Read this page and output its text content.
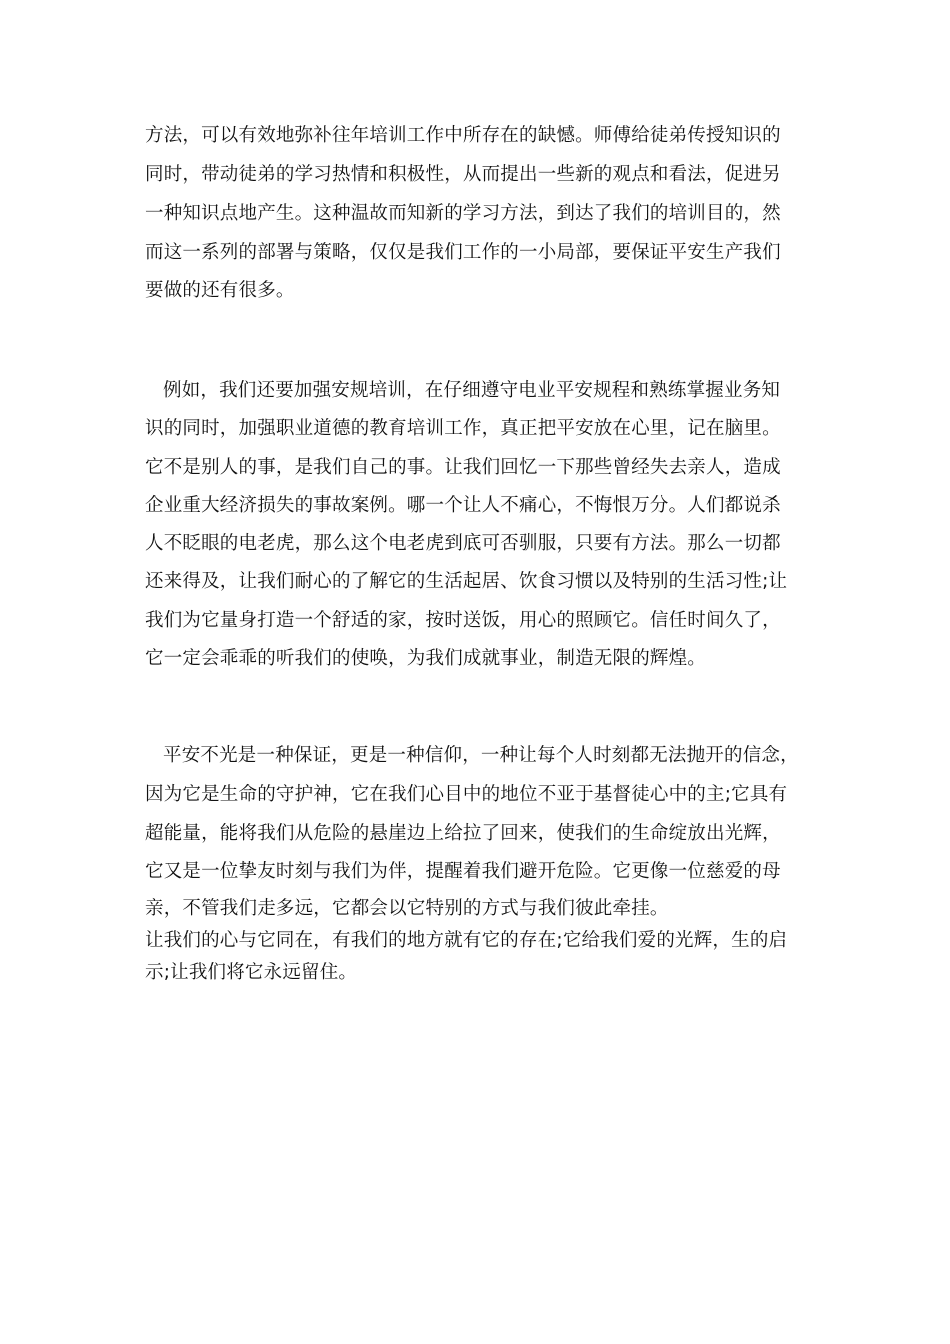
方法，可以有效地弥补往年培训工作中所存在的缺憾。师傅给徒弟传授知识的

同时，带动徒弟的学习热情和积极性，从而提出一些新的观点和看法，促进另

一种知识点地产生。这种温故而知新的学习方法，到达了我们的培训目的，然

而这一系列的部署与策略，仅仅是我们工作的一小局部，要保证平安生产我们

要做的还有很多。

例如，我们还要加强安规培训，在仔细遵守电业平安规程和熟练掌握业务知

识的同时，加强职业道德的教育培训工作，真正把平安放在心里，记在脑里。

它不是别人的事，是我们自己的事。让我们回忆一下那些曾经失去亲人，造成

企业重大经济损失的事故案例。哪一个让人不痛心，不悔恨万分。人们都说杀

人不眨眼的电老虎，那么这个电老虎到底可否驯服，只要有方法。那么一切都

还来得及，让我们耐心的了解它的生活起居、饮食习惯以及特别的生活习性;让

我们为它量身打造一个舒适的家，按时送饭，用心的照顾它。信任时间久了，

它一定会乖乖的听我们的使唤，为我们成就事业，制造无限的辉煌。

平安不光是一种保证，更是一种信仰，一种让每个人时刻都无法抛开的信念，

因为它是生命的守护神，它在我们心目中的地位不亚于基督徒心中的主;它具有

超能量，能将我们从危险的悬崖边上给拉了回来，使我们的生命绽放出光辉，

它又是一位挚友时刻与我们为伴，提醒着我们避开危险。它更像一位慈爱的母

亲，不管我们走多远，它都会以它特别的方式与我们彼此牵挂。

让我们的心与它同在，有我们的地方就有它的存在;它给我们爱的光辉，生的启

示;让我们将它永远留住。
